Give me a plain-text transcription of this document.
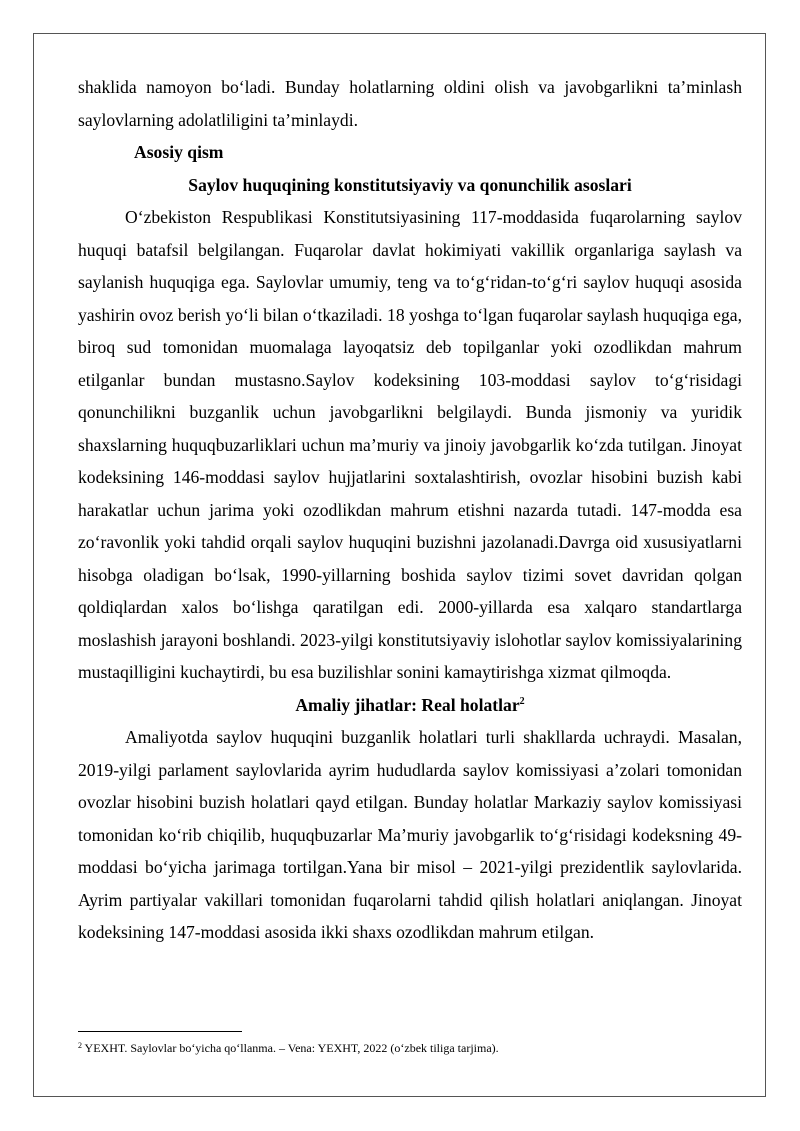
shaklida namoyon boʻladi. Bunday holatlarning oldini olish va javobgarlikni ta’minlash saylovlarning adolatliligini ta’minlaydi.

Asosiy qism

Saylov huquqining konstitutsiyaviy va qonunchilik asoslari

Oʻzbekiston Respublikasi Konstitutsiyasining 117-moddasida fuqarolarning saylov huquqi batafsil belgilangan. Fuqarolar davlat hokimiyati vakillik organlariga saylash va saylanish huquqiga ega. Saylovlar umumiy, teng va toʻgʻridan-toʻgʻri saylov huquqi asosida yashirin ovoz berish yoʻli bilan oʻtkaziladi. 18 yoshga toʻlgan fuqarolar saylash huquqiga ega, biroq sud tomonidan muomalaga layoqatsiz deb topilganlar yoki ozodlikdan mahrum etilganlar bundan mustasno.Saylov kodeksining 103-moddasi saylov toʻgʻrisidagi qonunchilikni buzganlik uchun javobgarlikni belgilaydi. Bunda jismoniy va yuridik shaxslarning huquqbuzarliklari uchun ma’muriy va jinoiy javobgarlik koʻzda tutilgan. Jinoyat kodeksining 146-moddasi saylov hujjatlarini soxtalashtirish, ovozlar hisobini buzish kabi harakatlar uchun jarima yoki ozodlikdan mahrum etishni nazarda tutadi. 147-modda esa zoʻravonlik yoki tahdid orqali saylov huquqini buzishni jazolanadi.Davrga oid xususiyatlarni hisobga oladigan boʻlsak, 1990-yillarning boshida saylov tizimi sovet davridan qolgan qoldiqlardan xalos boʻlishga qaratilgan edi. 2000-yillarda esa xalqaro standartlarga moslashish jarayoni boshlandi. 2023-yilgi konstitutsiyaviy islohotlar saylov komissiyalarining mustaqilligini kuchaytirdi, bu esa buzilishlar sonini kamaytirishga xizmat qilmoqda.

Amaliy jihatlar: Real holatlar$^2$

Amaliyotda saylov huquqini buzganlik holatlari turli shakllarda uchraydi. Masalan, 2019-yilgi parlament saylovlarida ayrim hududlarda saylov komissiyasi a’zolari tomonidan ovozlar hisobini buzish holatlari qayd etilgan. Bunday holatlar Markaziy saylov komissiyasi tomonidan koʻrib chiqilib, huquqbuzarlar Ma’muriy javobgarlik toʻgʻrisidagi kodeksning 49-moddasi boʻyicha jarimaga tortilgan.Yana bir misol – 2021-yilgi prezidentlik saylovlarida. Ayrim partiyalar vakillari tomonidan fuqarolarni tahdid qilish holatlari aniqlangan. Jinoyat kodeksining 147-moddasi asosida ikki shaxs ozodlikdan mahrum etilgan.

$^2$ YEXHT. Saylovlar boʻyicha qoʻllanma. – Vena: YEXHT, 2022 (oʻzbek tiliga tarjima).
